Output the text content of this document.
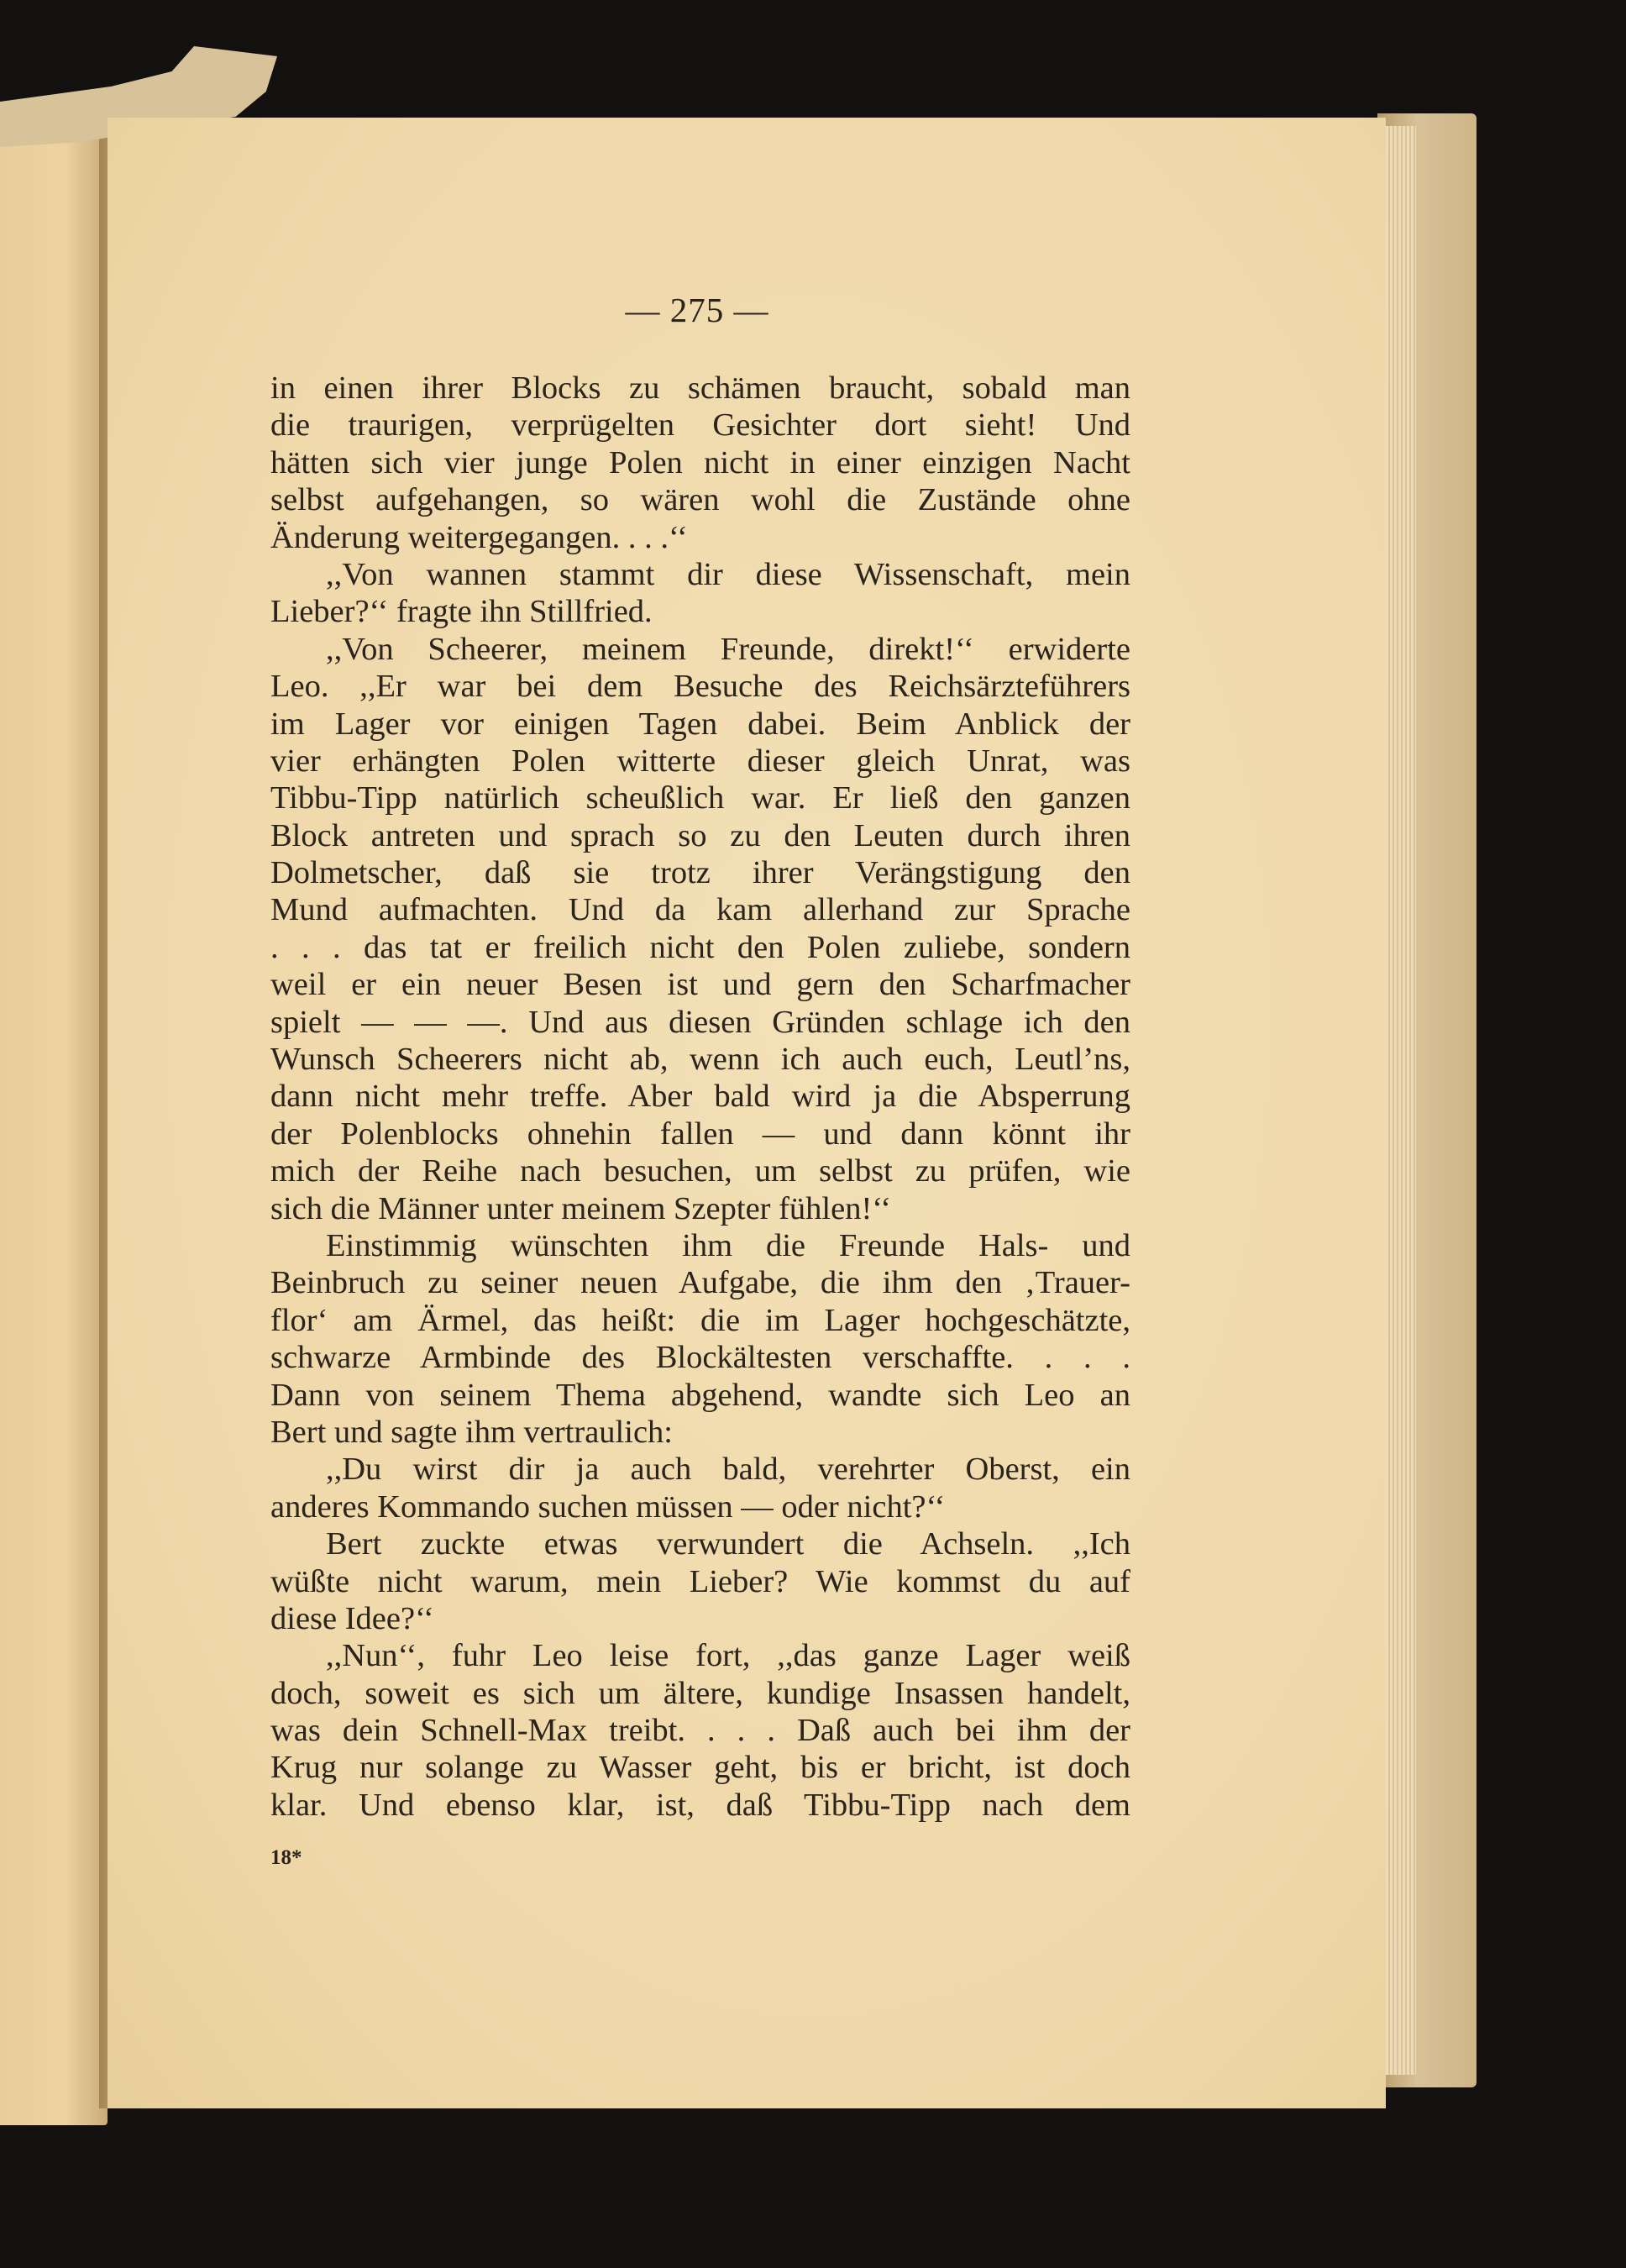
— 275 —
in einen ihrer Blocks zu schämen braucht, sobald man
die traurigen, verprügelten Gesichter dort sieht! Und
hätten sich vier junge Polen nicht in einer einzigen Nacht
selbst aufgehangen, so wären wohl die Zustände ohne
Änderung weitergegangen. . . .‘‘
,,Von wannen stammt dir diese Wissenschaft, mein
Lieber?‘‘ fragte ihn Stillfried.
,,Von Scheerer, meinem Freunde, direkt!‘‘ erwiderte
Leo. ,,Er war bei dem Besuche des Reichsärzteführers
im Lager vor einigen Tagen dabei. Beim Anblick der
vier erhängten Polen witterte dieser gleich Unrat, was
Tibbu-Tipp natürlich scheußlich war. Er ließ den ganzen
Block antreten und sprach so zu den Leuten durch ihren
Dolmetscher, daß sie trotz ihrer Verängstigung den
Mund aufmachten. Und da kam allerhand zur Sprache
. . . das tat er freilich nicht den Polen zuliebe, sondern
weil er ein neuer Besen ist und gern den Scharfmacher
spielt — — —. Und aus diesen Gründen schlage ich den
Wunsch Scheerers nicht ab, wenn ich auch euch, Leutl’ns,
dann nicht mehr treffe. Aber bald wird ja die Absperrung
der Polenblocks ohnehin fallen — und dann könnt ihr
mich der Reihe nach besuchen, um selbst zu prüfen, wie
sich die Männer unter meinem Szepter fühlen!‘‘
Einstimmig wünschten ihm die Freunde Hals- und
Beinbruch zu seiner neuen Aufgabe, die ihm den ‚Trauer-
flor‘ am Ärmel, das heißt: die im Lager hochgeschätzte,
schwarze Armbinde des Blockältesten verschaffte. . . .
Dann von seinem Thema abgehend, wandte sich Leo an
Bert und sagte ihm vertraulich:
,,Du wirst dir ja auch bald, verehrter Oberst, ein
anderes Kommando suchen müssen — oder nicht?‘‘
Bert zuckte etwas verwundert die Achseln. ,,Ich
wüßte nicht warum, mein Lieber? Wie kommst du auf
diese Idee?‘‘
,,Nun‘‘, fuhr Leo leise fort, ,,das ganze Lager weiß
doch, soweit es sich um ältere, kundige Insassen handelt,
was dein Schnell-Max treibt. . . . Daß auch bei ihm der
Krug nur solange zu Wasser geht, bis er bricht, ist doch
klar. Und ebenso klar, ist, daß Tibbu-Tipp nach dem
18*
